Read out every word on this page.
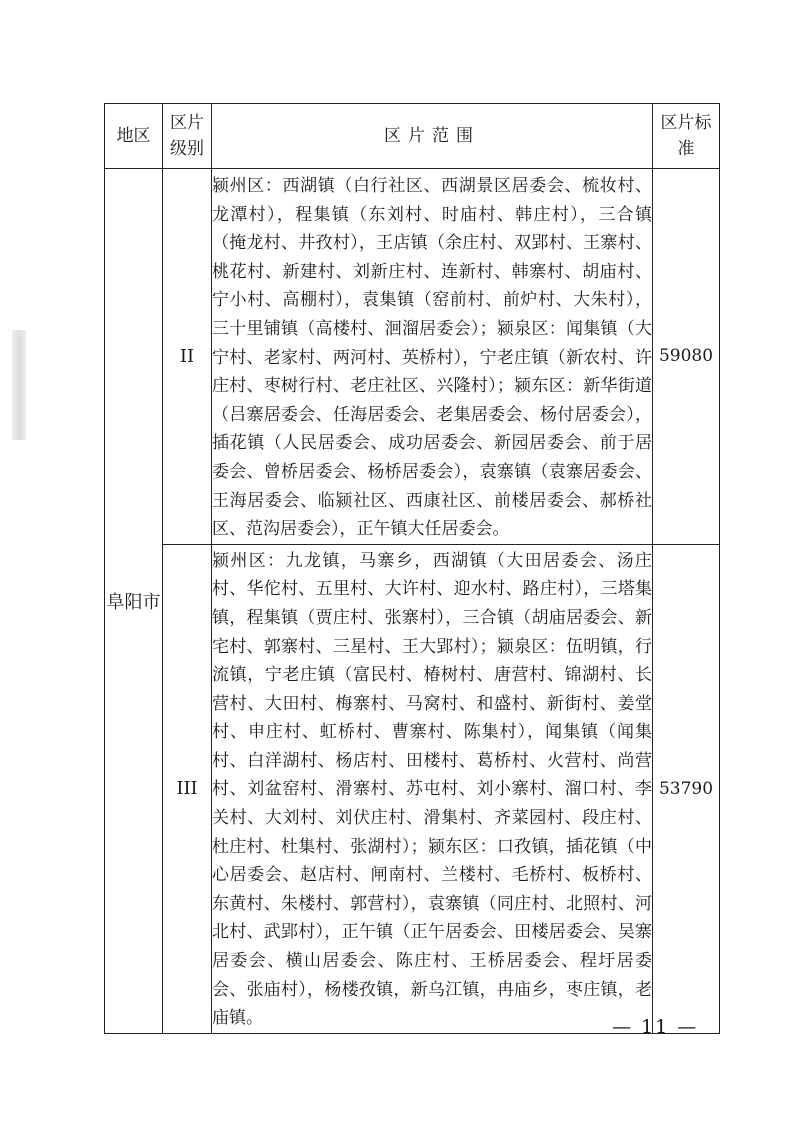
地区	区片级别	区片范围	区片标准
阜阳市	II	颍州区：西湖镇（白行社区、西湖景区居委会、梳妆村、龙潭村），程集镇（东刘村、时庙村、韩庄村），三合镇（掩龙村、井孜村），王店镇（余庄村、双郢村、王寨村、桃花村、新建村、刘新庄村、连新村、韩寨村、胡庙村、宁小村、高棚村），袁集镇（窑前村、前炉村、大朱村），三十里铺镇（高楼村、洄溜居委会）；颍泉区：闻集镇（大宁村、老家村、两河村、英桥村），宁老庄镇（新农村、许庄村、枣树行村、老庄社区、兴隆村）；颍东区：新华街道（吕寨居委会、任海居委会、老集居委会、杨付居委会），插花镇（人民居委会、成功居委会、新园居委会、前于居委会、曾桥居委会、杨桥居委会），袁寨镇（袁寨居委会、王海居委会、临颍社区、西康社区、前楼居委会、郝桥社区、范沟居委会），正午镇大任居委会。	59080
	III	颍州区：九龙镇，马寨乡，西湖镇（大田居委会、汤庄村、华佗村、五里村、大许村、迎水村、路庄村），三塔集镇，程集镇（贾庄村、张寨村），三合镇（胡庙居委会、新宅村、郭寨村、三星村、王大郢村）；颍泉区：伍明镇，行流镇，宁老庄镇（富民村、椿树村、唐营村、锦湖村、长营村、大田村、梅寨村、马窝村、和盛村、新街村、姜堂村、申庄村、虹桥村、曹寨村、陈集村），闻集镇（闻集村、白洋湖村、杨店村、田楼村、葛桥村、火营村、尚营村、刘盆窑村、滑寨村、苏屯村、刘小寨村、溜口村、李关村、大刘村、刘伏庄村、滑集村、齐菜园村、段庄村、杜庄村、杜集村、张湖村）；颍东区：口孜镇，插花镇（中心居委会、赵店村、闸南村、兰楼村、毛桥村、板桥村、东黄村、朱楼村、郭营村），袁寨镇（同庄村、北照村、河北村、武郢村），正午镇（正午居委会、田楼居委会、吴寨居委会、横山居委会、陈庄村、王桥居委会、程圩居委会、张庙村），杨楼孜镇，新乌江镇，冉庙乡，枣庄镇，老庙镇。	53790
— 11 —
